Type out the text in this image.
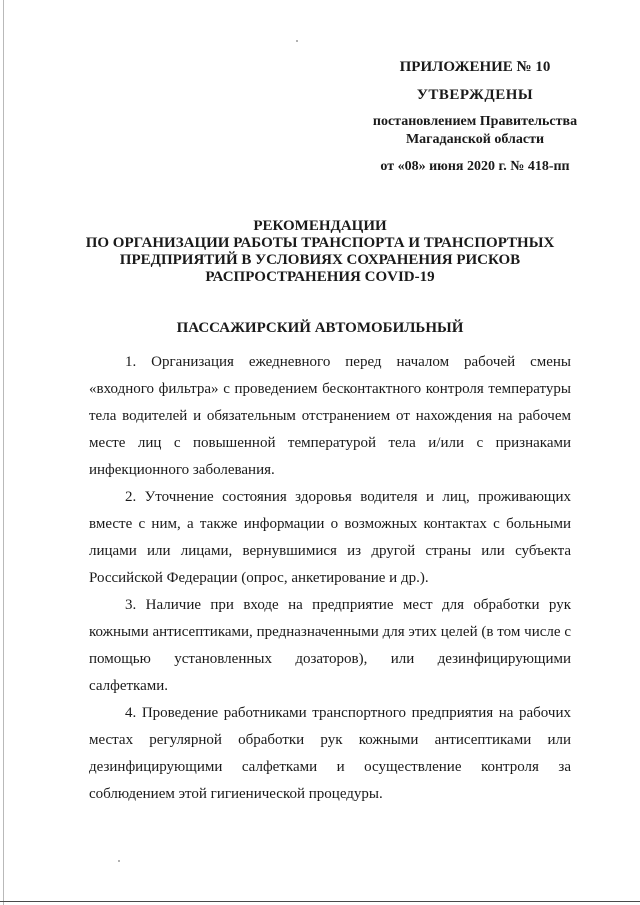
ПРИЛОЖЕНИЕ № 10
УТВЕРЖДЕНЫ
постановлением Правительства
Магаданской области
от «08» июня 2020 г. № 418-пп
РЕКОМЕНДАЦИИ
ПО ОРГАНИЗАЦИИ РАБОТЫ ТРАНСПОРТА И ТРАНСПОРТНЫХ
ПРЕДПРИЯТИЙ В УСЛОВИЯХ СОХРАНЕНИЯ РИСКОВ
РАСПРОСТРАНЕНИЯ COVID-19
ПАССАЖИРСКИЙ АВТОМОБИЛЬНЫЙ

1. Организация ежедневного перед началом рабочей смены «входного фильтра» с проведением бесконтактного контроля температуры тела водителей и обязательным отстранением от нахождения на рабочем месте лиц с повышенной температурой тела и/или с признаками инфекционного заболевания.

2. Уточнение состояния здоровья водителя и лиц, проживающих вместе с ним, а также информации о возможных контактах с больными лицами или лицами, вернувшимися из другой страны или субъекта Российской Федерации (опрос, анкетирование и др.).

3. Наличие при входе на предприятие мест для обработки рук кожными антисептиками, предназначенными для этих целей (в том числе с помощью установленных дозаторов), или дезинфицирующими салфетками.

4. Проведение работниками транспортного предприятия на рабочих местах регулярной обработки рук кожными антисептиками или дезинфицирующими салфетками и осуществление контроля за соблюдением этой гигиенической процедуры.
